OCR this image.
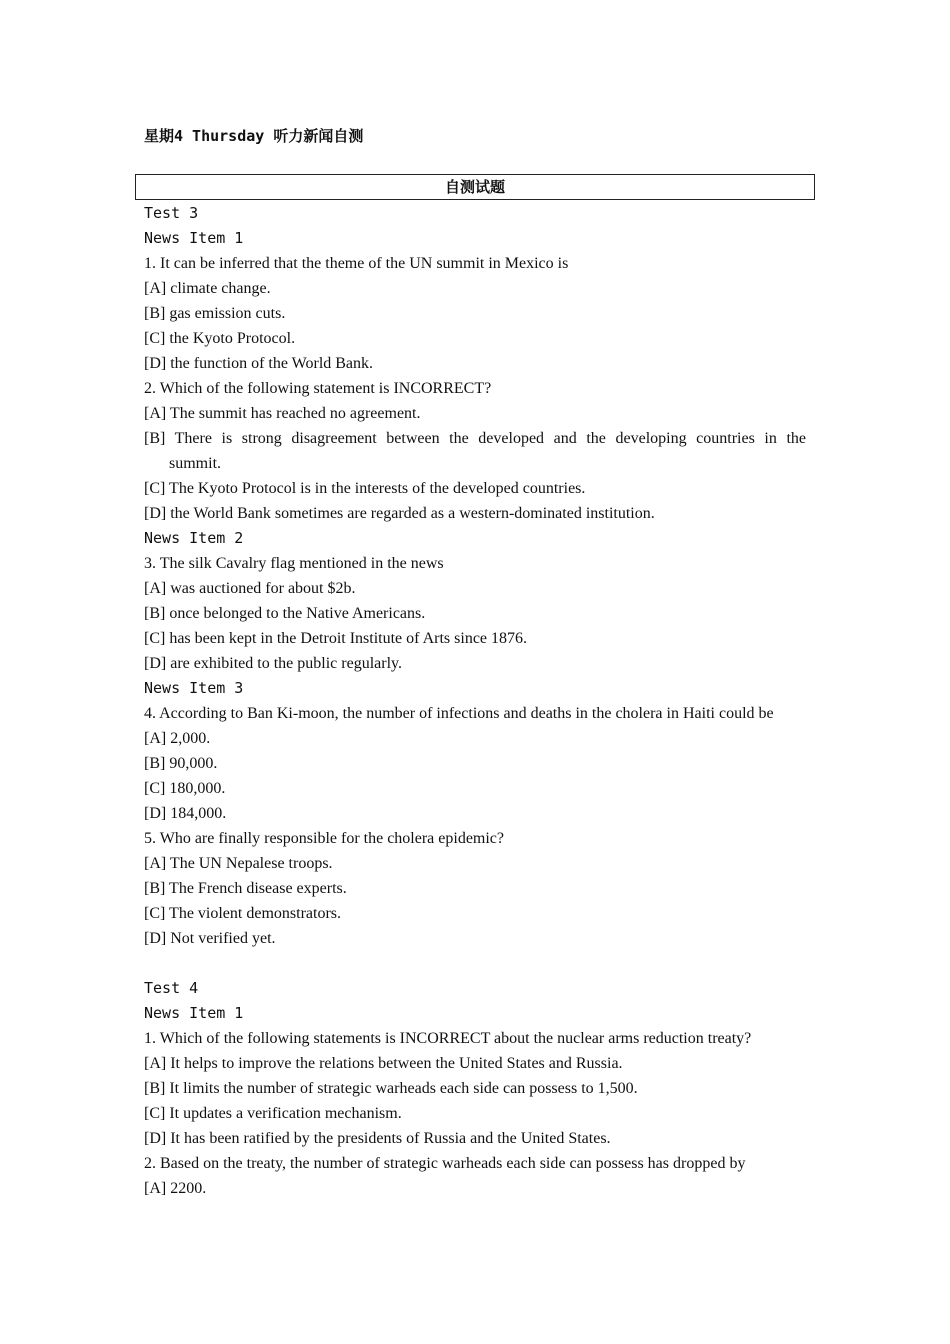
星期4 Thursday 听力新闻自测
自测试题
Test 3
News Item 1
1. It can be inferred that the theme of the UN summit in Mexico is
[A] climate change.
[B] gas emission cuts.
[C] the Kyoto Protocol.
[D] the function of the World Bank.
2. Which of the following statement is INCORRECT?
[A] The summit has reached no agreement.
[B] There is strong disagreement between the developed and the developing countries in the
summit.
[C] The Kyoto Protocol is in the interests of the developed countries.
[D] the World Bank sometimes are regarded as a western-dominated institution.
News Item 2
3. The silk Cavalry flag mentioned in the news
[A] was auctioned for about $2b.
[B] once belonged to the Native Americans.
[C] has been kept in the Detroit Institute of Arts since 1876.
[D] are exhibited to the public regularly.
News Item 3
4. According to Ban Ki-moon, the number of infections and deaths in the cholera in Haiti could be
[A] 2,000.
[B] 90,000.
[C] 180,000.
[D] 184,000.
5. Who are finally responsible for the cholera epidemic?
[A] The UN Nepalese troops.
[B] The French disease experts.
[C] The violent demonstrators.
[D] Not verified yet.
Test 4
News Item 1
1. Which of the following statements is INCORRECT about the nuclear arms reduction treaty?
[A] It helps to improve the relations between the United States and Russia.
[B] It limits the number of strategic warheads each side can possess to 1,500.
[C] It updates a verification mechanism.
[D] It has been ratified by the presidents of Russia and the United States.
2. Based on the treaty, the number of strategic warheads each side can possess has dropped by
[A] 2200.
